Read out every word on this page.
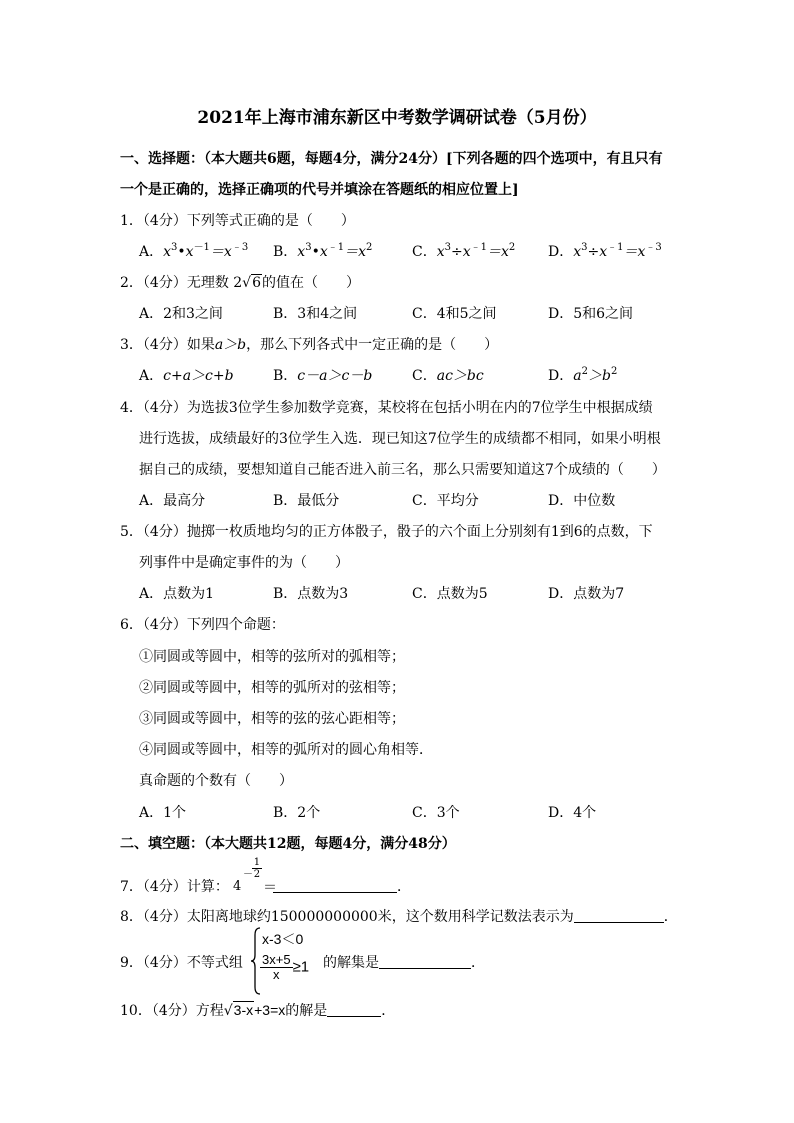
2021年上海市浦东新区中考数学调研试卷（5月份）
一、选择题：（本大题共6题，每题4分，满分24分）[下列各题的四个选项中，有且只有
一个是正确的，选择正确项的代号并填涂在答题纸的相应位置上]
1．（4分）下列等式正确的是（　　）
A．$x^3•x^{-1}=x^{﹣3}$ B．$x^3•x^{﹣1}=x^2$	C．$x^3\div x^{﹣1}=x^2$ D．$x^3\div x^{﹣1}=x^{﹣3}$
2．（4分）无理数 2√6的值在（　　）
A．2和3之间	B．3和4之间	C．4和5之间	D．5和6之间
3．（4分）如果a＞b，那么下列各式中一定正确的是（　　）
A．c+a＞c+b	B．c－a＞c－b	C．ac＞bc	D．$a^2>b^2$
4．（4分）为选拔3位学生参加数学竞赛，某校将在包括小明在内的7位学生中根据成绩
进行选拔，成绩最好的3位学生入选．现已知这7位学生的成绩都不相同，如果小明根
据自己的成绩，要想知道自己能否进入前三名，那么只需要知道这7个成绩的（　　）
A．最高分	B．最低分	C．平均分	D．中位数
5．（4分）抛掷一枚质地均匀的正方体骰子，骰子的六个面上分别刻有1到6的点数，下
列事件中是确定事件的为（　　）
A．点数为1	B．点数为3	C．点数为5	D．点数为7
6．（4分）下列四个命题：
①同圆或等圆中，相等的弦所对的弧相等；
②同圆或等圆中，相等的弧所对的弦相等；
③同圆或等圆中，相等的弦的弦心距相等；
④同圆或等圆中，相等的弧所对的圆心角相等．
真命题的个数有（　　）
A．1个	B．2个	C．3个	D．4个
二、填空题：（本大题共12题，每题4分，满分48分）
7．（4分）计算： 4
－
1
2
＝	．
8．（4分）太阳离地球约150000000000米，这个数用科学记数法表示为	．
9．（4分）不等式组
x-3＜0
$\frac{3x+5}{x} \ge 1$ 的解集是	．
10．（4分）方程√3-x+3=x的解是	．
